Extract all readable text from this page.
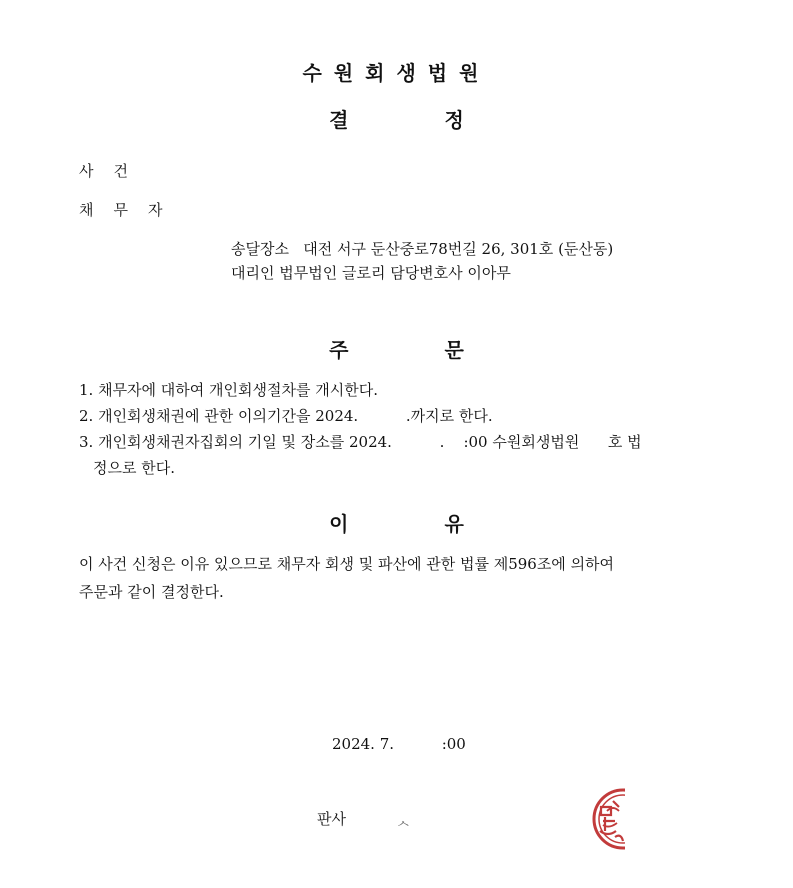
수원회생법원
결	정
사건
채무자
송달장소   대전 서구 둔산중로78번길 26, 301호 (둔산동)
대리인 법무법인 글로리 담당변호사 이아무
주	문
1. 채무자에 대하여 개인회생절차를 개시한다.
2. 개인회생채권에 관한 이의기간을 2024.          .까지로 한다.
3. 개인회생채권자집회의 기일 및 장소를 2024.          .    :00 수원회생법원      호 법
정으로 한다.
이	유
이 사건 신청은 이유 있으므로 채무자 회생 및 파산에 관한 법률 제596조에 의하여
주문과 같이 결정한다.
2024. 7.          :00
판사	ᆺ
